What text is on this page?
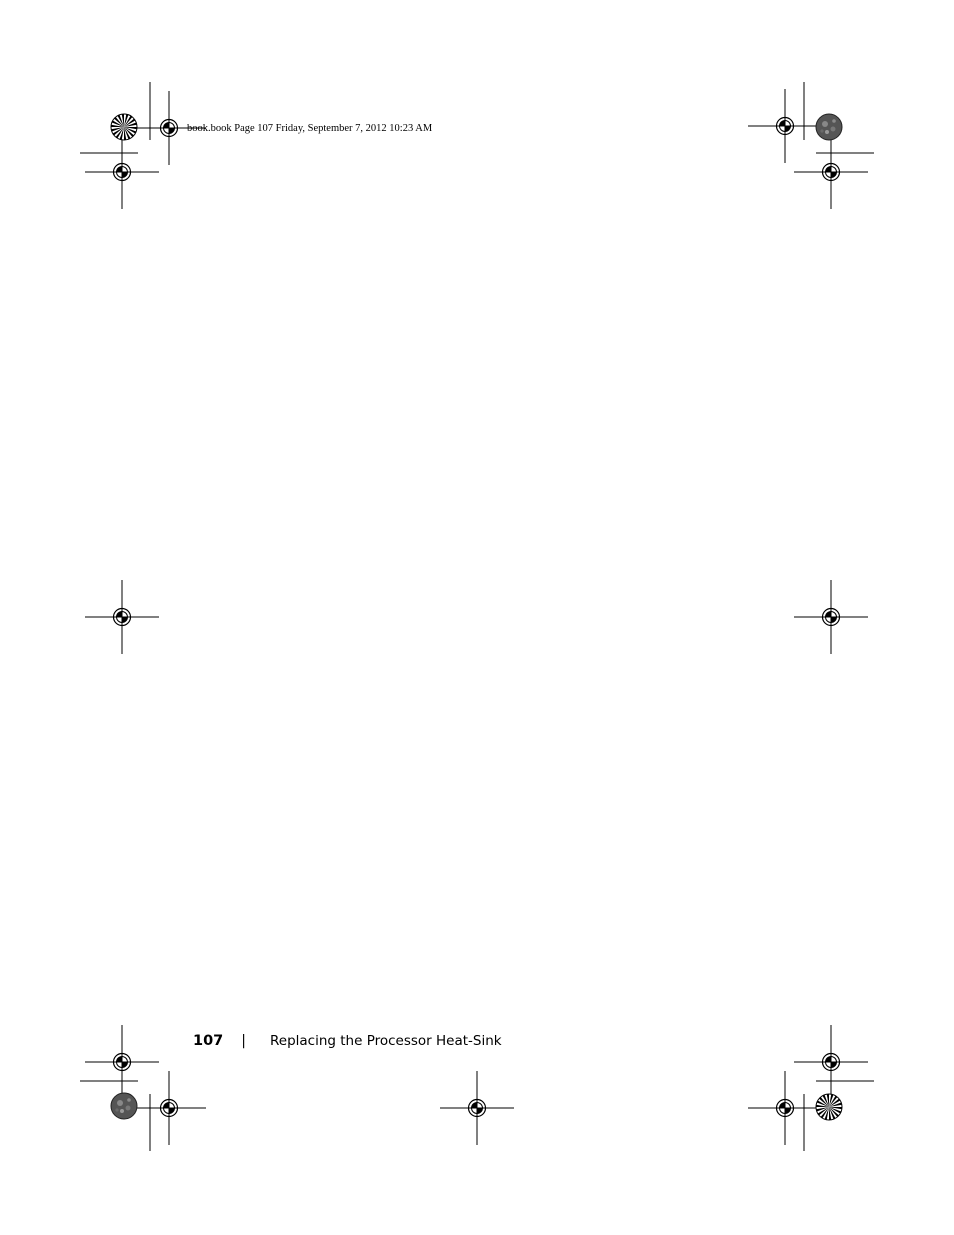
book.book Page 107 Friday, September 7, 2012 10:23 AM
107 | Replacing the Processor Heat-Sink
